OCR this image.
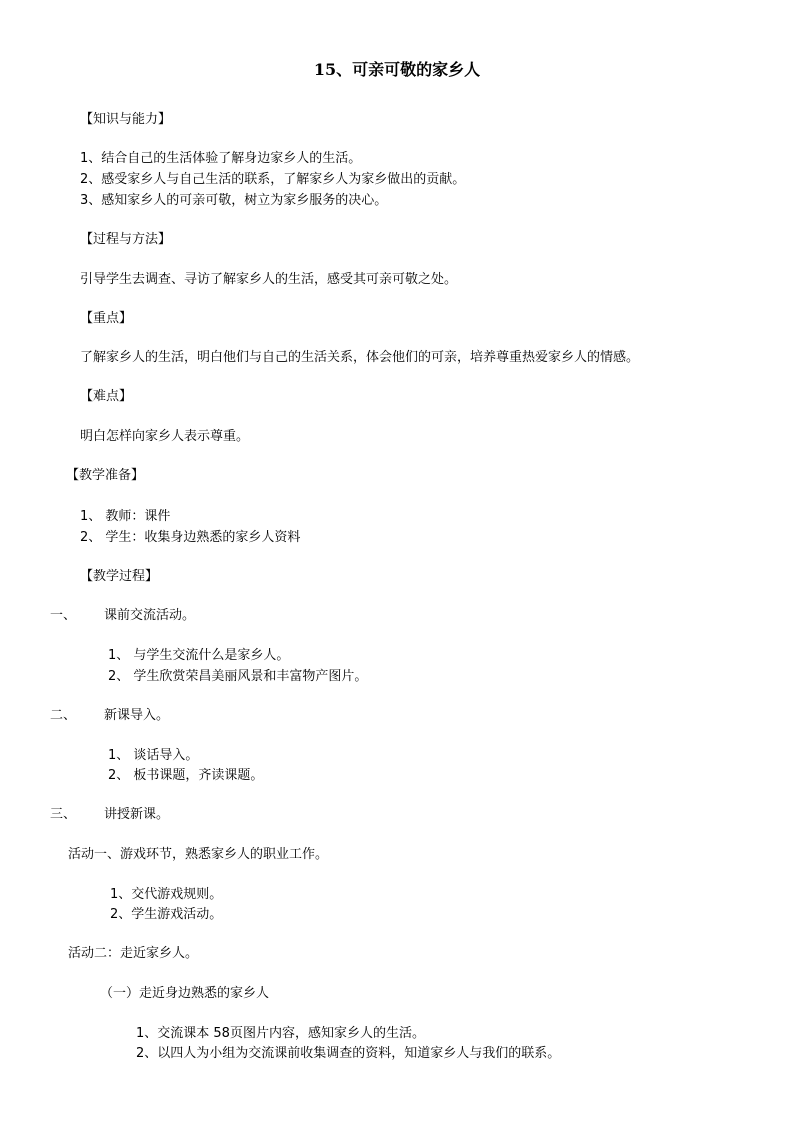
15、可亲可敬的家乡人
【知识与能力】
1、结合自己的生活体验了解身边家乡人的生活。
2、感受家乡人与自己生活的联系，了解家乡人为家乡做出的贡献。
3、感知家乡人的可亲可敬，树立为家乡服务的决心。
【过程与方法】
引导学生去调查、寻访了解家乡人的生活，感受其可亲可敬之处。
【重点】
了解家乡人的生活，明白他们与自己的生活关系，体会他们的可亲，培养尊重热爱家乡人的情感。
【难点】
明白怎样向家乡人表示尊重。
【教学准备】
1、 教师：课件
2、 学生：收集身边熟悉的家乡人资料
【教学过程】
一、 课前交流活动。
1、 与学生交流什么是家乡人。
2、 学生欣赏荣昌美丽风景和丰富物产图片。
二、 新课导入。
1、 谈话导入。
2、 板书课题，齐读课题。
三、 讲授新课。
活动一、游戏环节，熟悉家乡人的职业工作。
1、交代游戏规则。
2、学生游戏活动。
活动二：走近家乡人。
（一）走近身边熟悉的家乡人
1、交流课本 58页图片内容，感知家乡人的生活。
2、以四人为小组为交流课前收集调查的资料，知道家乡人与我们的联系。
